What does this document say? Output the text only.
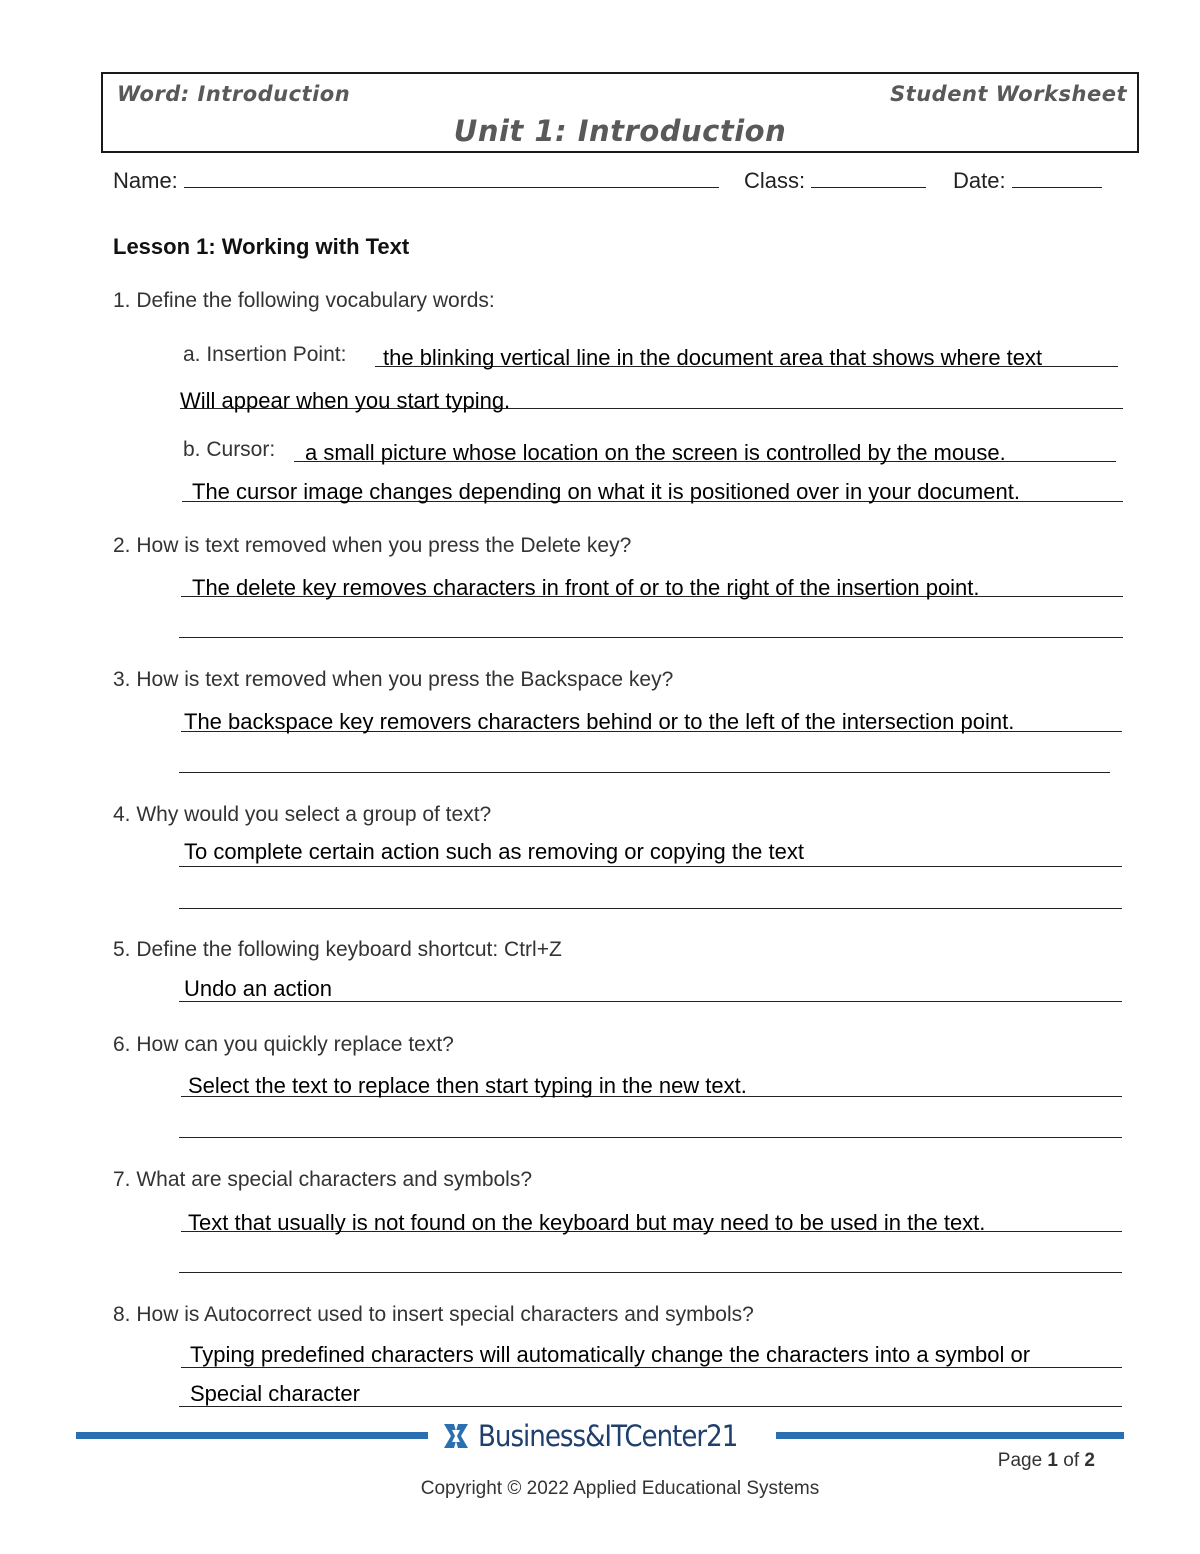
Word: Introduction	Student Worksheet
Unit 1: Introduction
Name:	Class:	Date:
Lesson 1: Working with Text
1. Define the following vocabulary words:
a. Insertion Point: the blinking vertical line in the document area that shows where text
Will appear when you start typing.
b. Cursor: a small picture whose location on the screen is controlled by the mouse.
The cursor image changes depending on what it is positioned over in your document.
2. How is text removed when you press the Delete key?
The delete key removes characters in front of or to the right of the insertion point.
3. How is text removed when you press the Backspace key?
The backspace key removers characters behind or to the left of the intersection point.
4. Why would you select a group of text?
To complete certain action such as removing or copying the text
5. Define the following keyboard shortcut: Ctrl+Z
Undo an action
6. How can you quickly replace text?
Select the text to replace then start typing in the new text.
7. What are special characters and symbols?
Text that usually is not found on the keyboard but may need to be used in the text.
8. How is Autocorrect used to insert special characters and symbols?
Typing predefined characters will automatically change the characters into a symbol or
Special character
Business&ITCenter21
Page 1 of 2
Copyright © 2022 Applied Educational Systems
